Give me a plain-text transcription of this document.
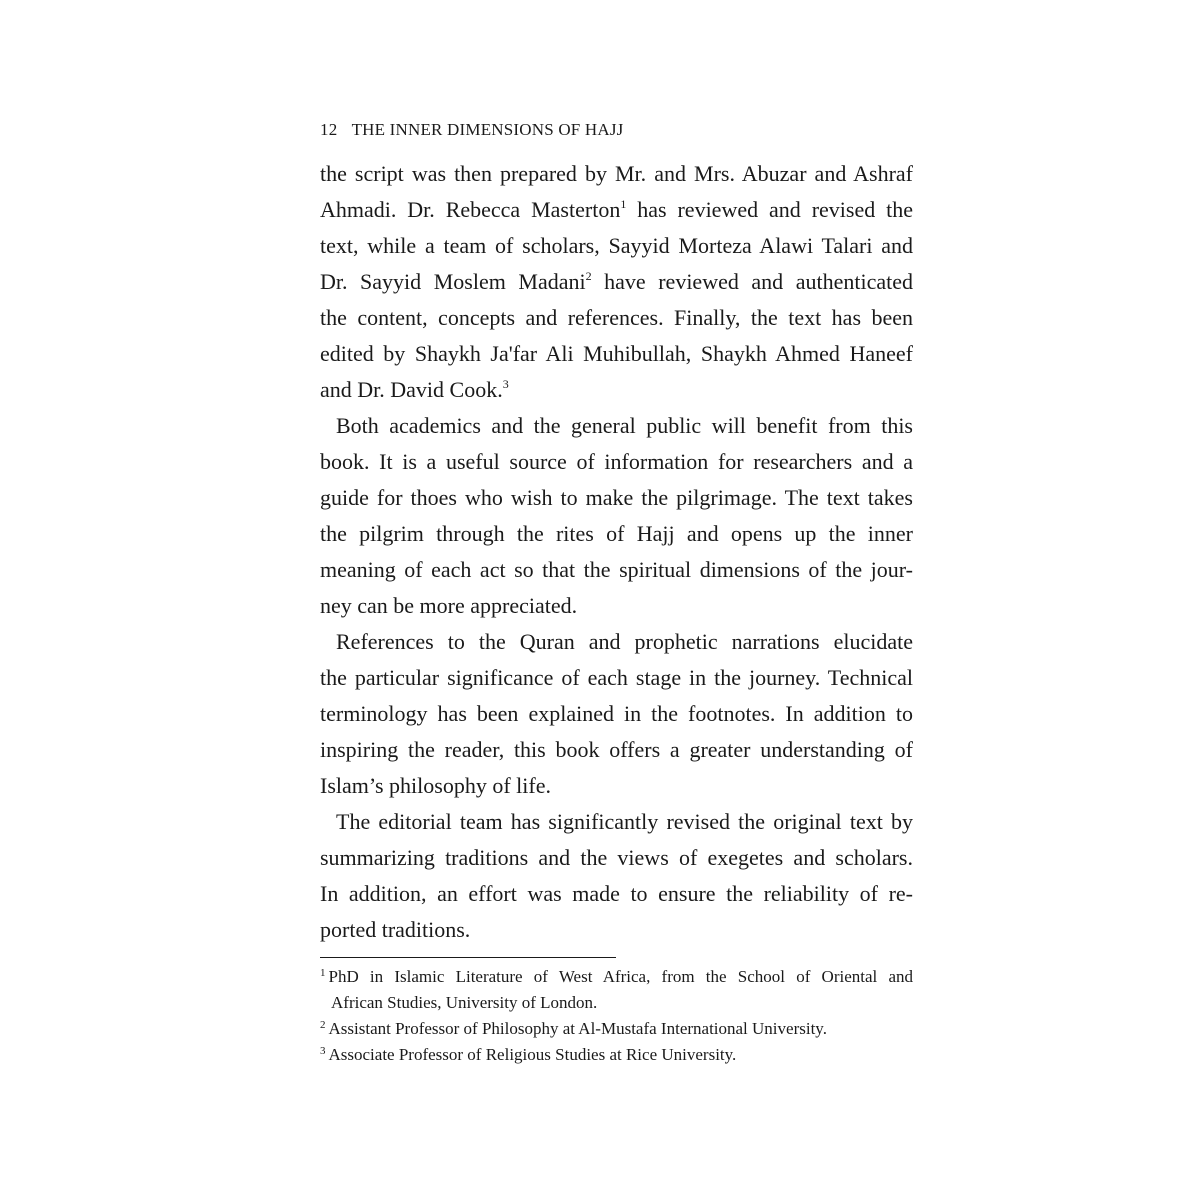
12 THE INNER DIMENSIONS OF HAJJ

the script was then prepared by Mr. and Mrs. Abuzar and Ashraf
Ahmadi. Dr. Rebecca Masterton$^1$ has reviewed and revised the
text, while a team of scholars, Sayyid Morteza Alawi Talari and
Dr. Sayyid Moslem Madani$^2$ have reviewed and authenticated
the content, concepts and references. Finally, the text has been
edited by Shaykh Ja'far Ali Muhibullah, Shaykh Ahmed Haneef
and Dr. David Cook.$^3$

Both academics and the general public will benefit from this
book. It is a useful source of information for researchers and a
guide for thoes who wish to make the pilgrimage. The text takes
the pilgrim through the rites of Hajj and opens up the inner
meaning of each act so that the spiritual dimensions of the jour-
ney can be more appreciated.

References to the Quran and prophetic narrations elucidate
the particular significance of each stage in the journey. Technical
terminology has been explained in the footnotes. In addition to
inspiring the reader, this book offers a greater understanding of
Islam’s philosophy of life.

The editorial team has significantly revised the original text by
summarizing traditions and the views of exegetes and scholars.
In addition, an effort was made to ensure the reliability of re-
ported traditions.

$^1$ PhD in Islamic Literature of West Africa, from the School of Oriental and
African Studies, University of London.
$^2$ Assistant Professor of Philosophy at Al-Mustafa International University.
$^3$ Associate Professor of Religious Studies at Rice University.
